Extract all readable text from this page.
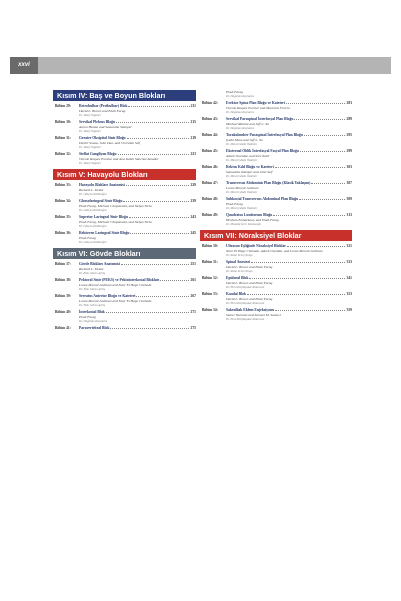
xxvi
Kısım IV: Baş ve Boyun Blokları
Bölüm 29:	Retrobulbar (Peribulbar) Blok	211
David L. Brown and Ehab Farag
Dr. Yusuf Ozgüner
Bölüm 30:	Servikal Pleksus Bloğu	215
Aaron Hawke and Samantha Stamper
Dr. Yusuf Ozgüner
Bölüm 31:	Greater Oksipital Sinir Bloğu	219
Dmitri Souza, John Dao, and Christian Seif
Dr. Yusuf Ozgüner
Bölüm 32:	Stellat Gangliyon Bloğu	223
Vicente Roques Escolar and Ana Isabel Sánchez Amador
Dr. Yusuf Ozgüner
Kısım V: Havayolu Blokları
Bölüm 33:	Havayolu Blokları Anatomisi	229
Richard L. Drake
Dr. Gökçen Kültüroğlu
Bölüm 34:	Glossofaringeal Sinir Bloğu	239
Ehab Farag, Michael Chopanoski, and Stefan Trela
Dr. Gökçen Kültüroğlu
Bölüm 35:	Superior Laringeal Sinir Bloğu	243
Ehab Farag, Michael Chopanoski, and Stefan Trela
Dr. Gökçen Kültüroğlu
Bölüm 36:	Rekürren Laringeal Sinir Bloğu	245
Ehab Farag
Dr. Gökçen Kültüroğlu
Kısım VI: Gövde Blokları
Bölüm 37:	Gövde Blokları Anatomisi	251
Richard L. Drake
Dr. Ekin Güran Ayrüş
Bölüm 38:	Pektoral Sinir (PEKS) ve Pektointerkostal Blokları	261
Loran Mounir-Soliman and Nour El Hage Chehade
Dr. Ekin Güran Ayrüş
Bölüm 39:	Serratus Anterior Bloğu ve Kateteri	267
Loran Mounir-Soliman and Nour El Hage Chehade
Dr. Ekin Güran Ayrüş
Bölüm 40:	İnterkostal Blok	271
Ehab Farag
Dr. Doğuhan Kaynarca
Bölüm 41:	Paravertebral Blok	275
Ehab Farag
Dr. Doğuhan Kaynarca
Bölüm 42:	Erektor Spina Plan Bloğu ve Kateteri	283
Vicente Roques Escolar and Maurício Forero
Dr. Doğuhan Kaynarca
Bölüm 43:	Servikal Paraspinal İnterfasyal Plan Bloğu	289
Michael Rahimi and Jeff L. Xu
Dr. Doğuhan Kaynarca
Bölüm 44:	Torakolomber Paraspinal İnterfasyal Plan Bloğu	295
Iyabo Muse and Jeff L. Xu
Dr. Mevzi Gözde Özdemir
Bölüm 45:	Eksternal Oblik İnterfasyal Fasyal Plan Bloğu	299
Adeeb Oweidat, and Sree Kolli
Dr. Mevzi Gözde Özdemir
Bölüm 46:	Rektus Kılıf Bloğu ve Kateteri	303
Samantha Stamper and John Seif
Dr. Mevzi Gözde Özdemir
Bölüm 47:	Transversus Abdominis Plan Bloğu (Klasik Yaklaşım)	307
Loran Mounir-Soliman
Dr. Mevzi Gözde Özdemir
Bölüm 48:	Subkostal Transversus Abdominal Plan Bloğu	309
Ehab Farag
Dr. Mevzi Gözde Özdemir
Bölüm 49:	Quadratus Lumborum Bloğu	313
Hesham Elsharkawy and Ehab Farag
Dr. Mustafa Serrı Kelomoğlu
Kısım VII: Nöraksiyel Bloklar
Bölüm 50:	Ultrason Eşliğinde Nöraksiyel Bloklar	321
Nour El Hage Chehade, Adeeb Oweidat, and Loran Mounir-Soliman
Dr. Altan Ecem Tongo
Bölüm 51:	Spinal Anestezi	333
David L. Brown and Ehab Farag
Dr. Altan Ecem Tongo
Bölüm 52:	Epidural Blok	341
David L. Brown and Ehab Farag
Dr. Ebru Küçükçakar Kokurcan
Bölüm 53:	Kaudal Blok	353
David L. Brown and Ehab Farag
Dr. Ebru Küçükçakar Kokurcan
Bölüm 54:	Sakroiliak Eklem Enjeksiyonu	359
Samer Narouze and Samuel M. Samuel
Dr. Ebru Küçükçakar Kokurcan
